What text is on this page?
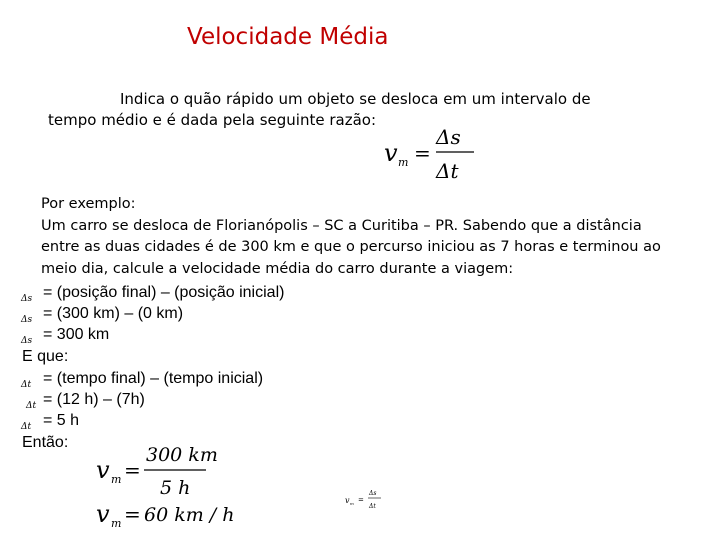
Velocidade Média
Indica o quão rápido um objeto se desloca em um intervalo de
tempo médio e é dada pela seguinte razão:
v m =
Δs
Δt
Por exemplo:
Um carro se desloca de Florianópolis – SC a Curitiba – PR. Sabendo que a distância
entre as duas cidades é de 300 km e que o percurso iniciou as 7 horas e terminou ao
meio dia, calcule a velocidade média do carro durante a viagem:
Δs = (posição final) – (posição inicial)
Δs = (300 km) – (0 km)
Δs = 300 km
E que:
Δt = (tempo final) – (tempo inicial)
Δt = (12 h) – (7h)
Δt = 5 h
Então:
v m =
300 km
5 h
v m = 60 km / h
v m =
Δs
Δt
